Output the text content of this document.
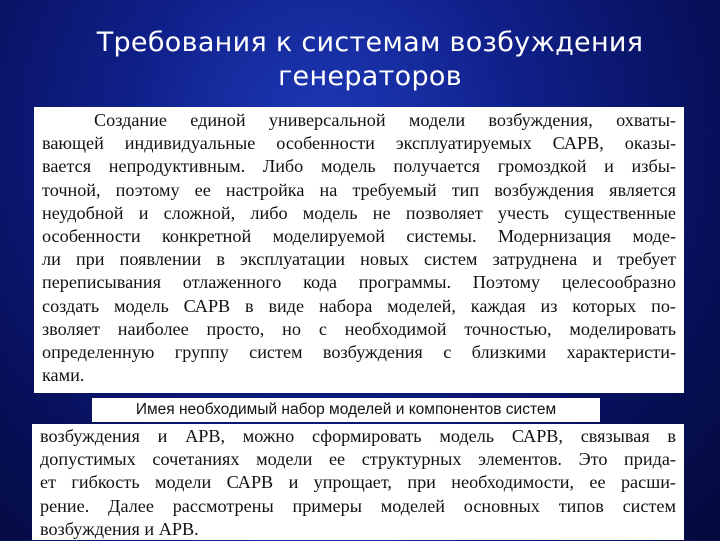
Требования к системам возбуждения
генераторов
Создание единой универсальной модели возбуждения, охваты-
вающей индивидуальные особенности эксплуатируемых САРВ, оказы-
вается непродуктивным. Либо модель получается громоздкой и избы-
точной, поэтому ее настройка на требуемый тип возбуждения является
неудобной и сложной, либо модель не позволяет учесть существенные
особенности конкретной моделируемой системы. Модернизация моде-
ли при появлении в эксплуатации новых систем затруднена и требует
переписывания отлаженного кода программы. Поэтому целесообразно
создать модель САРВ в виде набора моделей, каждая из которых по-
зволяет наиболее просто, но с необходимой точностью, моделировать
определенную группу систем возбуждения с близкими характеристи-
ками.
Имея необходимый набор моделей и компонентов систем
возбуждения и АРВ, можно сформировать модель САРВ, связывая в
допустимых сочетаниях модели ее структурных элементов. Это прида-
ет гибкость модели САРВ и упрощает, при необходимости, ее расши-
рение. Далее рассмотрены примеры моделей основных типов систем
возбуждения и АРВ.
